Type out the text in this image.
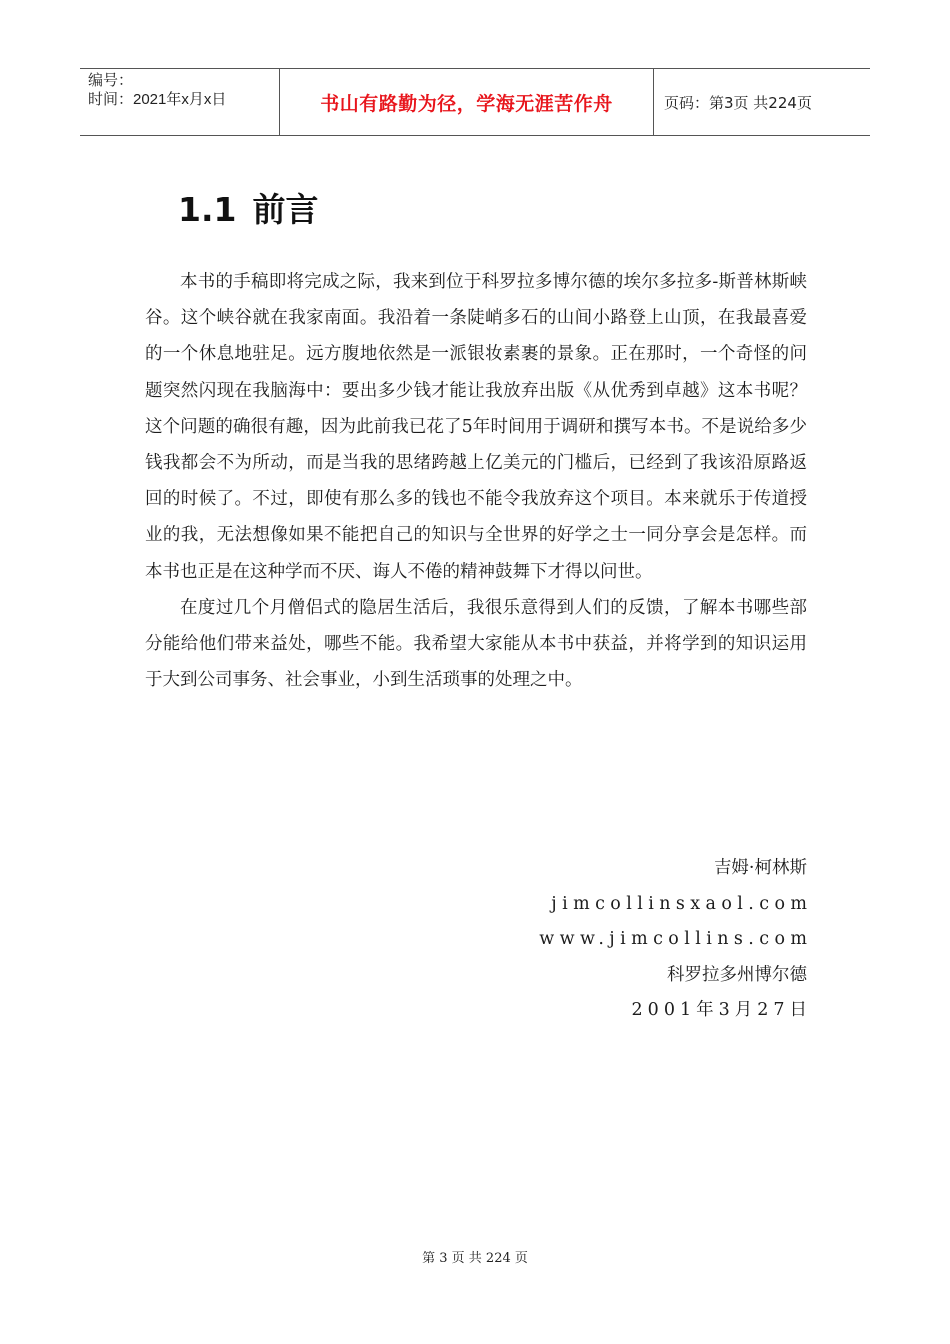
编号：
时间：2021年x月x日	书山有路勤为径，学海无涯苦作舟	页码：第3页 共224页
1.1 前言

本书的手稿即将完成之际，我来到位于科罗拉多博尔德的埃尔多拉多-斯普林斯峡谷。这个峡谷就在我家南面。我沿着一条陡峭多石的山间小路登上山顶，在我最喜爱的一个休息地驻足。远方腹地依然是一派银妆素裹的景象。正在那时，一个奇怪的问题突然闪现在我脑海中：要出多少钱才能让我放弃出版《从优秀到卓越》这本书呢？这个问题的确很有趣，因为此前我已花了5年时间用于调研和撰写本书。不是说给多少钱我都会不为所动，而是当我的思绪跨越上亿美元的门槛后，已经到了我该沿原路返回的时候了。不过，即使有那么多的钱也不能令我放弃这个项目。本来就乐于传道授业的我，无法想像如果不能把自己的知识与全世界的好学之士一同分享会是怎样。而本书也正是在这种学而不厌、诲人不倦的精神鼓舞下才得以问世。

在度过几个月僧侣式的隐居生活后，我很乐意得到人们的反馈，了解本书哪些部分能给他们带来益处，哪些不能。我希望大家能从本书中获益，并将学到的知识运用于大到公司事务、社会事业，小到生活琐事的处理之中。

吉姆·柯林斯
jimcollinsxaol.com
www.jimcollins.com
科罗拉多州博尔德
2001年3月27日
第 3 页 共 224 页
